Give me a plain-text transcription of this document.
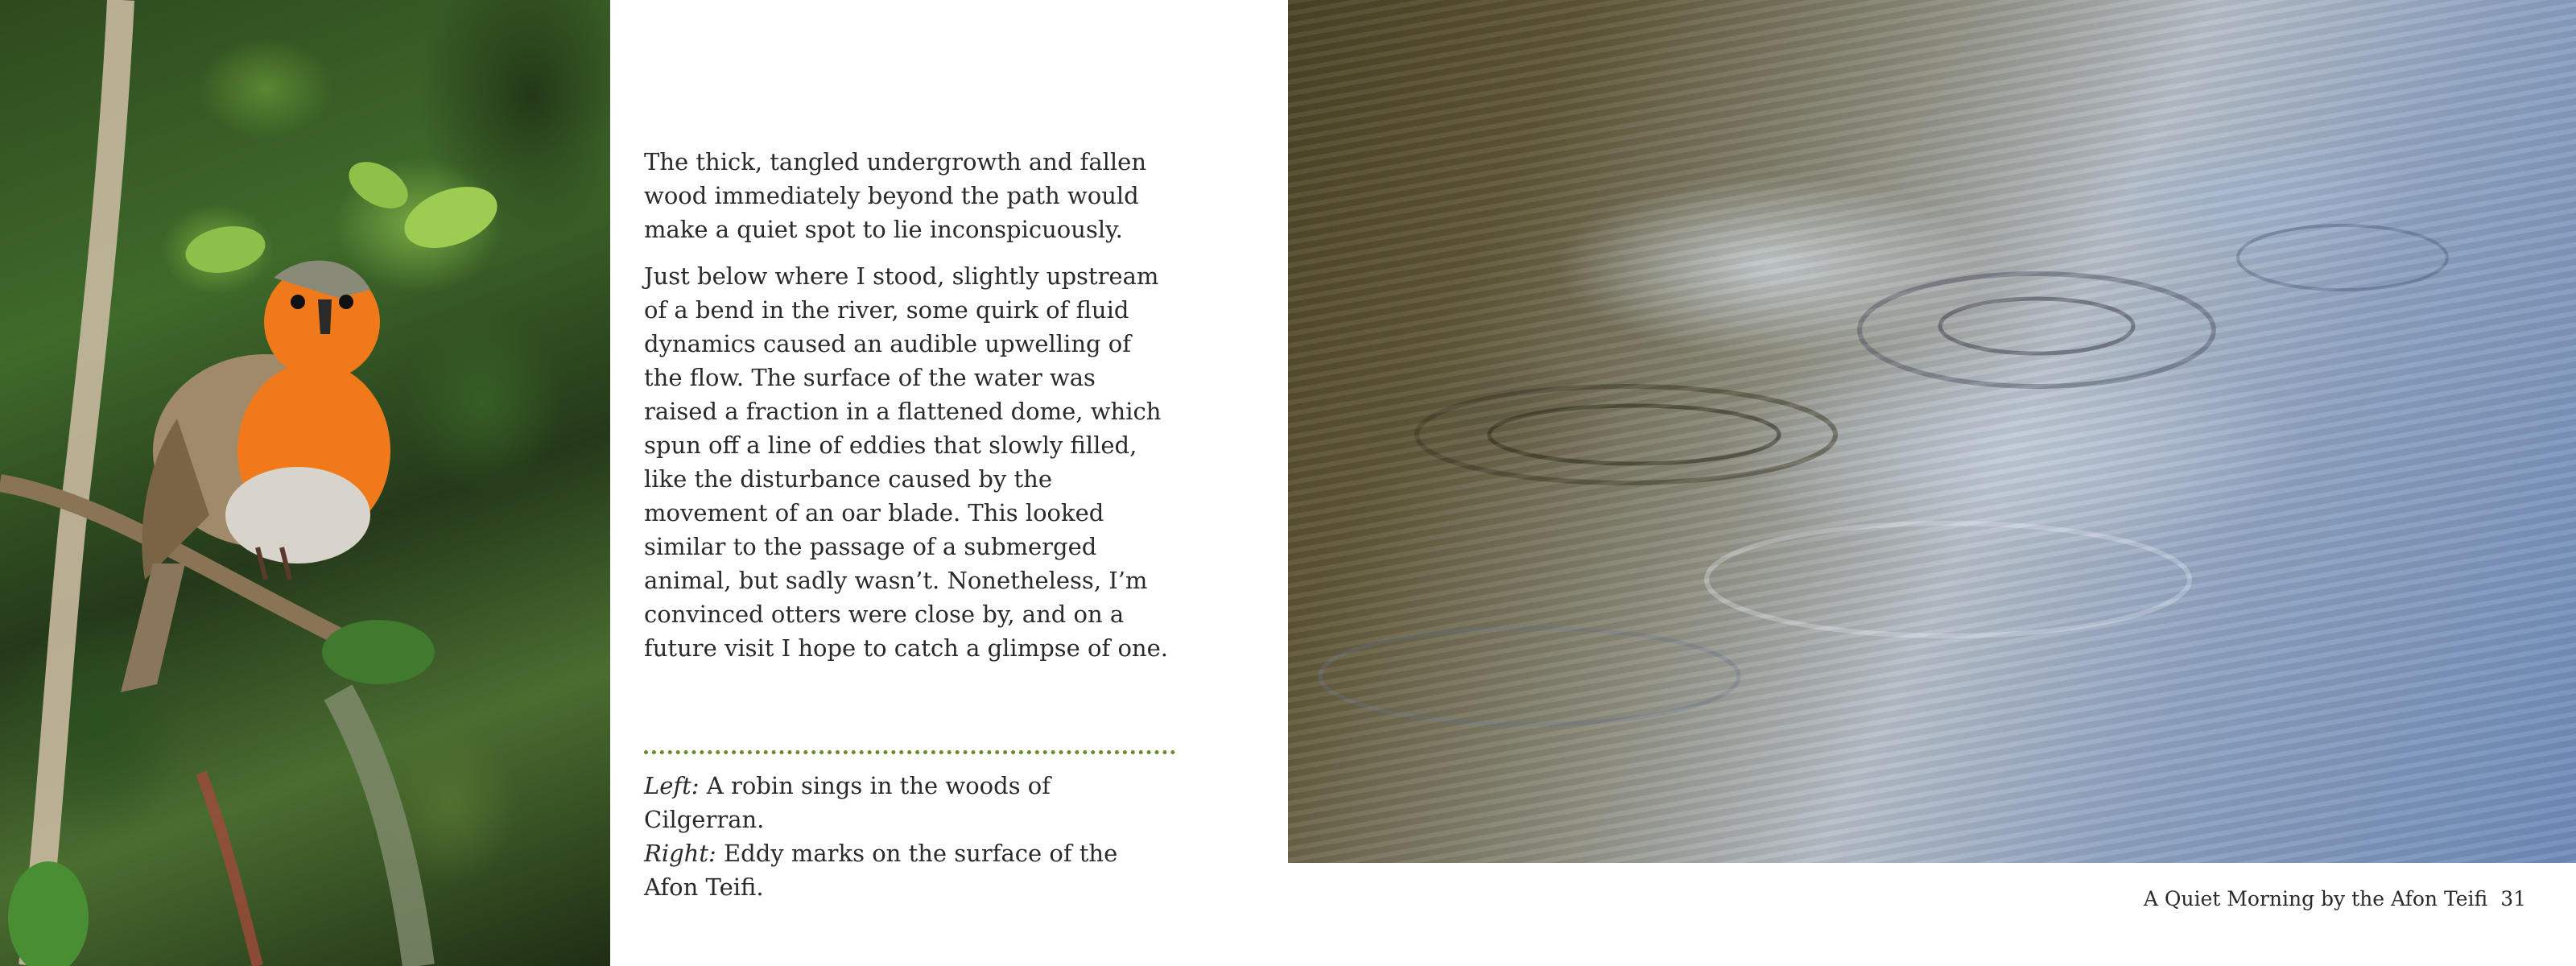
The thick, tangled undergrowth and fallen wood immediately beyond the path would make a quiet spot to lie inconspicuously.

Just below where I stood, slightly upstream of a bend in the river, some quirk of fluid dynamics caused an audible upwelling of the flow. The surface of the water was raised a fraction in a flattened dome, which spun off a line of eddies that slowly filled, like the disturbance caused by the movement of an oar blade. This looked similar to the passage of a submerged animal, but sadly wasn’t. Nonetheless, I’m convinced otters were close by, and on a future visit I hope to catch a glimpse of one.

Left: A robin sings in the woods of Cilgerran.
Right: Eddy marks on the surface of the Afon Teifi.	A Quiet Morning by the Afon Teifi 31
